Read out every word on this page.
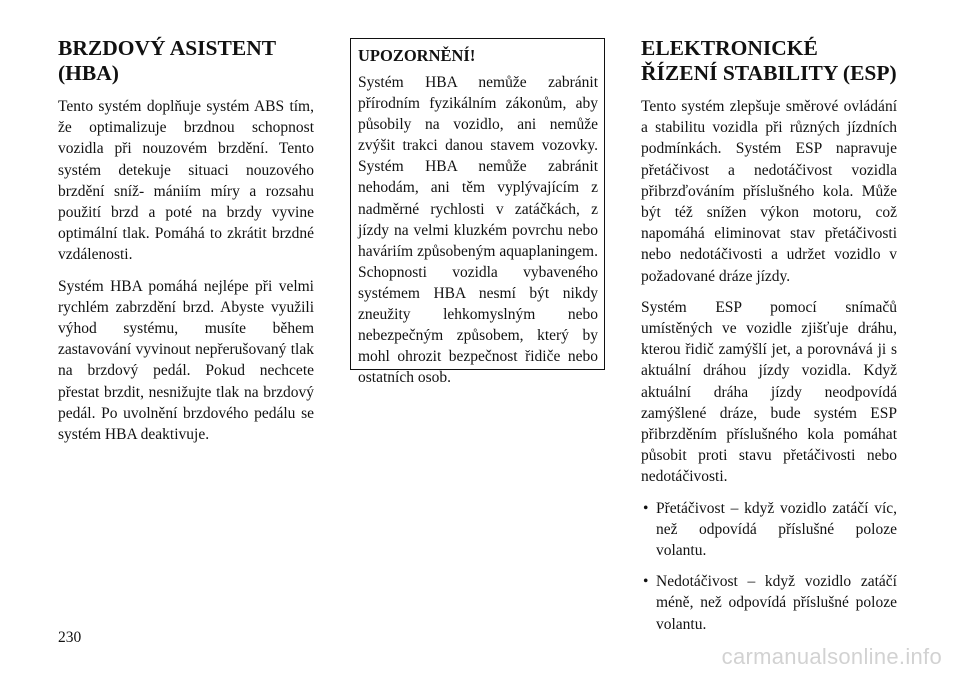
BRZDOVÝ ASISTENT (HBA)

Tento systém doplňuje systém ABS tím, že optimalizuje brzdnou schopnost vozidla při nouzovém brzdění. Tento systém detekuje situaci nouzového brzdění sníž‑ mániím míry a rozsahu použití brzd a poté na brzdy vyvine optimální tlak. Pomáhá to zkrátit brzdné vzdálenosti.

Systém HBA pomáhá nejlépe při velmi rychlém zabrzdění brzd. Abyste využili výhod systému, musíte během zastavování vyvinout nepřerušovaný tlak na brzdový pedál. Pokud nechcete přestat brzdit, nesnižujte tlak na brzdový pedál. Po uvolnění brzdového pedálu se systém HBA deaktivuje.

UPOZORNĚNÍ!

Systém HBA nemůže zabránit přírodním fyzikálním zákonům, aby působily na vozidlo, ani nemůže zvýšit trakci danou stavem vozovky. Systém HBA nemůže zabránit nehodám, ani těm vyplývajícím z nadměrné rychlosti v zatáčkách, z jízdy na velmi kluzkém povrchu nebo haváriím způsobeným aquaplaningem. Schopnosti vozidla vybaveného systémem HBA nesmí být nikdy zneužity lehkomyslným nebo nebezpečným způsobem, který by mohl ohrozit bezpečnost řidiče nebo ostatních osob.

ELEKTRONICKÉ ŘÍZENÍ STABILITY (ESP)

Tento systém zlepšuje směrové ovládání a stabilitu vozidla při různých jízdních podmínkách. Systém ESP napravuje přetáčivost a nedotáčivost vozidla přibrzďováním příslušného kola. Může být též snížen výkon motoru, což napomáhá eliminovat stav přetáčivosti nebo nedotáčivosti a udržet vozidlo v požadované dráze jízdy.

Systém ESP pomocí snímačů umístěných ve vozidle zjišťuje dráhu, kterou řidič zamýšlí jet, a porovnává ji s aktuální dráhou jízdy vozidla. Když aktuální dráha jízdy neodpovídá zamýšlené dráze, bude systém ESP přibrzděním příslušného kola pomáhat působit proti stavu přetáčivosti nebo nedotáčivosti.

• Přetáčivost – když vozidlo zatáčí víc, než odpovídá příslušné poloze volantu.
• Nedotáčivost – když vozidlo zatáčí méně, než odpovídá příslušné poloze volantu.
230
carmanualsonline.info
